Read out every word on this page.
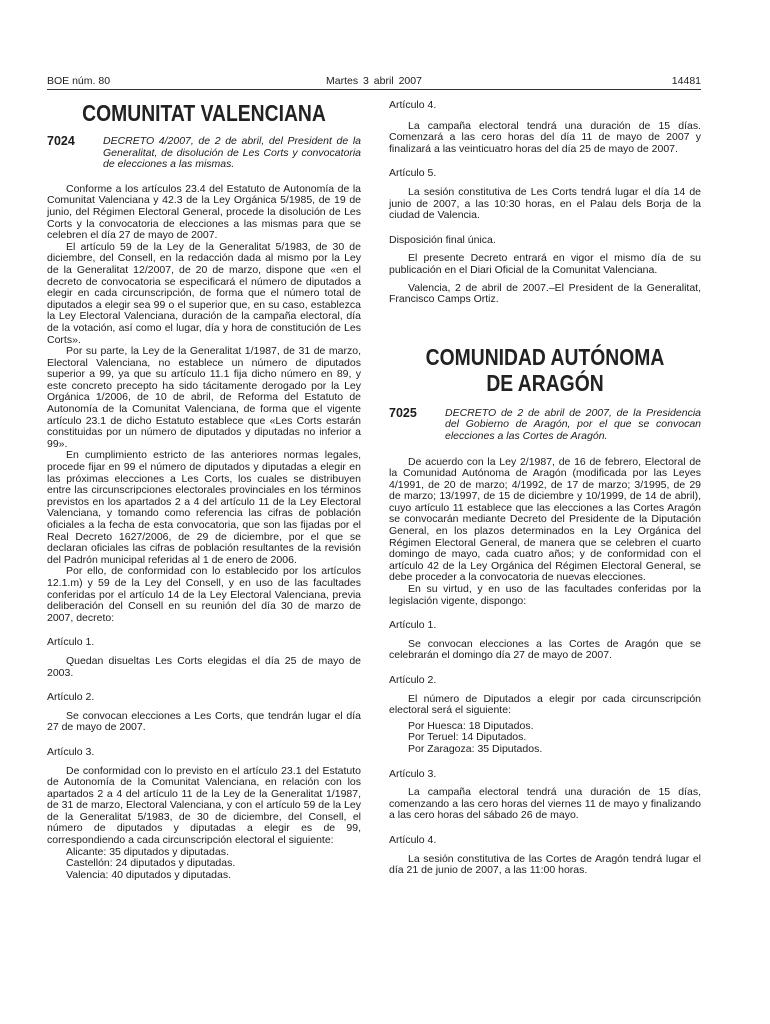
BOE núm. 80	Martes 3 abril 2007	14481
COMUNITAT VALENCIANA
7024	DECRETO 4/2007, de 2 de abril, del President de la Generalitat, de disolución de Les Corts y convocatoria de elecciones a las mismas.

Conforme a los artículos 23.4 del Estatuto de Autonomía de la Comunitat Valenciana y 42.3 de la Ley Orgánica 5/1985, de 19 de junio, del Régimen Electoral General, procede la disolución de Les Corts y la convocatoria de elecciones a las mismas para que se celebren el día 27 de mayo de 2007.

El artículo 59 de la Ley de la Generalitat 5/1983, de 30 de diciembre, del Consell, en la redacción dada al mismo por la Ley de la Generalitat 12/2007, de 20 de marzo, dispone que «en el decreto de convocatoria se especificará el número de diputados a elegir en cada circunscripción, de forma que el número total de diputados a elegir sea 99 o el superior que, en su caso, establezca la Ley Electoral Valenciana, duración de la campaña electoral, día de la votación, así como el lugar, día y hora de constitución de Les Corts».

Por su parte, la Ley de la Generalitat 1/1987, de 31 de marzo, Electoral Valenciana, no establece un número de diputados superior a 99, ya que su artículo 11.1 fija dicho número en 89, y este concreto precepto ha sido tácitamente derogado por la Ley Orgánica 1/2006, de 10 de abril, de Reforma del Estatuto de Autonomía de la Comunitat Valenciana, de forma que el vigente artículo 23.1 de dicho Estatuto establece que «Les Corts estarán constituidas por un número de diputados y diputadas no inferior a 99».

En cumplimiento estricto de las anteriores normas legales, procede fijar en 99 el número de diputados y diputadas a elegir en las próximas elecciones a Les Corts, los cuales se distribuyen entre las circunscripciones electorales provinciales en los términos previstos en los apartados 2 a 4 del artículo 11 de la Ley Electoral Valenciana, y tomando como referencia las cifras de población oficiales a la fecha de esta convocatoria, que son las fijadas por el Real Decreto 1627/2006, de 29 de diciembre, por el que se declaran oficiales las cifras de población resultantes de la revisión del Padrón municipal referidas al 1 de enero de 2006.

Por ello, de conformidad con lo establecido por los artículos 12.1.m) y 59 de la Ley del Consell, y en uso de las facultades conferidas por el artículo 14 de la Ley Electoral Valenciana, previa deliberación del Consell en su reunión del día 30 de marzo de 2007, decreto:

Artículo 1.

Quedan disueltas Les Corts elegidas el día 25 de mayo de 2003.

Artículo 2.

Se convocan elecciones a Les Corts, que tendrán lugar el día 27 de mayo de 2007.

Artículo 3.

De conformidad con lo previsto en el artículo 23.1 del Estatuto de Autonomía de la Comunitat Valenciana, en relación con los apartados 2 a 4 del artículo 11 de la Ley de la Generalitat 1/1987, de 31 de marzo, Electoral Valenciana, y con el artículo 59 de la Ley de la Generalitat 5/1983, de 30 de diciembre, del Consell, el número de diputados y diputadas a elegir es de 99, correspondiendo a cada circunscripción electoral el siguiente:

Alicante: 35 diputados y diputadas.
Castellón: 24 diputados y diputadas.
Valencia: 40 diputados y diputadas.
Artículo 4.

La campaña electoral tendrá una duración de 15 días. Comenzará a las cero horas del día 11 de mayo de 2007 y finalizará a las veinticuatro horas del día 25 de mayo de 2007.

Artículo 5.

La sesión constitutiva de Les Corts tendrá lugar el día 14 de junio de 2007, a las 10:30 horas, en el Palau dels Borja de la ciudad de Valencia.

Disposición final única.

El presente Decreto entrará en vigor el mismo día de su publicación en el Diari Oficial de la Comunitat Valenciana.

Valencia, 2 de abril de 2007.–El President de la Generalitat, Francisco Camps Ortiz.

COMUNIDAD AUTÓNOMA
DE ARAGÓN
7025	DECRETO de 2 de abril de 2007, de la Presidencia del Gobierno de Aragón, por el que se convocan elecciones a las Cortes de Aragón.

De acuerdo con la Ley 2/1987, de 16 de febrero, Electoral de la Comunidad Autónoma de Aragón (modificada por las Leyes 4/1991, de 20 de marzo; 4/1992, de 17 de marzo; 3/1995, de 29 de marzo; 13/1997, de 15 de diciembre y 10/1999, de 14 de abril), cuyo artículo 11 establece que las elecciones a las Cortes Aragón se convocarán mediante Decreto del Presidente de la Diputación General, en los plazos determinados en la Ley Orgánica del Régimen Electoral General, de manera que se celebren el cuarto domingo de mayo, cada cuatro años; y de conformidad con el artículo 42 de la Ley Orgánica del Régimen Electoral General, se debe proceder a la convocatoria de nuevas elecciones.

En su virtud, y en uso de las facultades conferidas por la legislación vigente, dispongo:

Artículo 1.

Se convocan elecciones a las Cortes de Aragón que se celebrarán el domingo día 27 de mayo de 2007.

Artículo 2.

El número de Diputados a elegir por cada circunscripción electoral será el siguiente:

Por Huesca: 18 Diputados.
Por Teruel: 14 Diputados.
Por Zaragoza: 35 Diputados.
Artículo 3.

La campaña electoral tendrá una duración de 15 días, comenzando a las cero horas del viernes 11 de mayo y finalizando a las cero horas del sábado 26 de mayo.

Artículo 4.

La sesión constitutiva de las Cortes de Aragón tendrá lugar el día 21 de junio de 2007, a las 11:00 horas.
